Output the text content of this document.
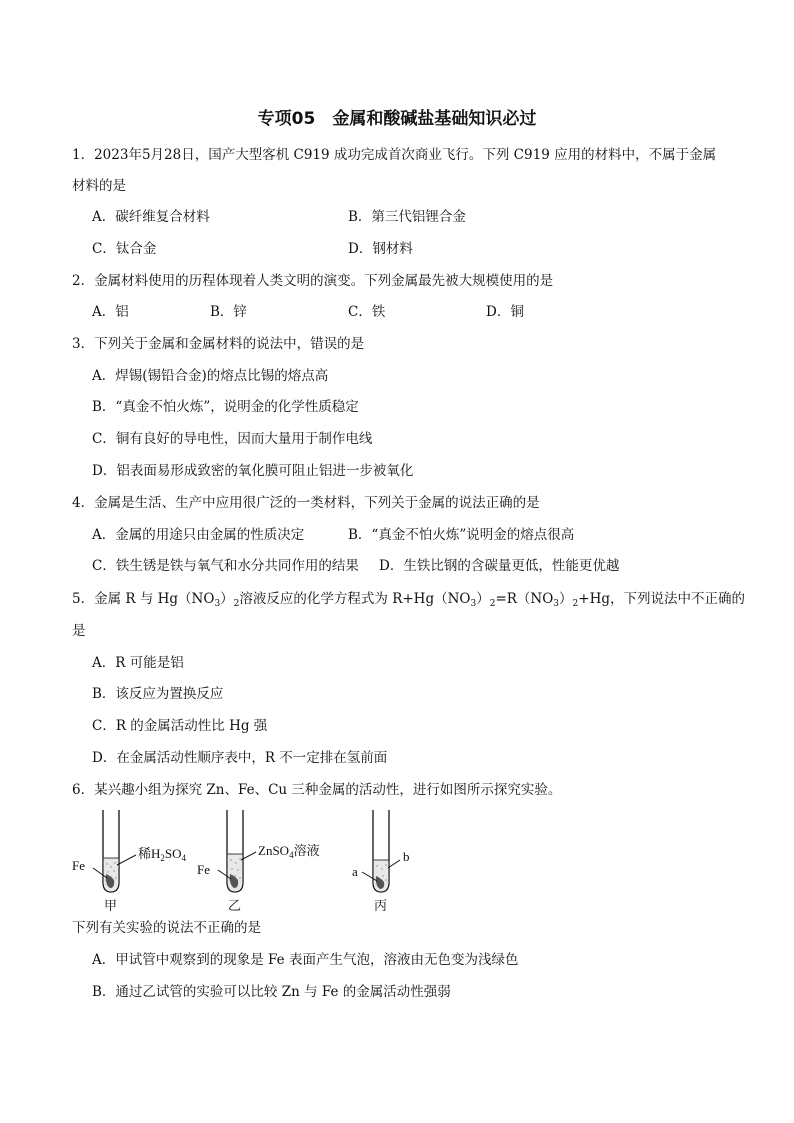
专项05　金属和酸碱盐基础知识必过
1．2023年5月28日，国产大型客机 C919 成功完成首次商业飞行。下列 C919 应用的材料中，不属于金属
材料的是
A．碳纤维复合材料	B．第三代铝锂合金
C．钛合金	D．钢材料
2．金属材料使用的历程体现着人类文明的演变。下列金属最先被大规模使用的是
A．铝	B．锌	C．铁	D．铜
3．下列关于金属和金属材料的说法中，错误的是
A．焊锡(锡铅合金)的熔点比锡的熔点高
B．“真金不怕火炼”，说明金的化学性质稳定
C．铜有良好的导电性，因而大量用于制作电线
D．铝表面易形成致密的氧化膜可阻止铝进一步被氧化
4．金属是生活、生产中应用很广泛的一类材料，下列关于金属的说法正确的是
A．金属的用途只由金属的性质决定	B．“真金不怕火炼”说明金的熔点很高
C．铁生锈是铁与氧气和水分共同作用的结果 D．生铁比钢的含碳量更低，性能更优越
5．金属 R 与 $Hg(NO_3)_2$溶液反应的化学方程式为 $R+Hg(NO_3)_2=R(NO_3)_2+Hg$，下列说法中不正确的
是
A．R 可能是铝
B．该反应为置换反应
C．R 的金属活动性比 Hg 强
D．在金属活动性顺序表中，R 不一定排在氢前面
6．某兴趣小组为探究 Zn、Fe、Cu 三种金属的活动性，进行如图所示探究实验。
Fe
稀$H_2SO_4$
甲
Fe
ZnSO$_4$溶液
乙
a
b
丙
下列有关实验的说法不正确的是
A．甲试管中观察到的现象是 Fe 表面产生气泡，溶液由无色变为浅绿色
B．通过乙试管的实验可以比较 Zn 与 Fe 的金属活动性强弱
